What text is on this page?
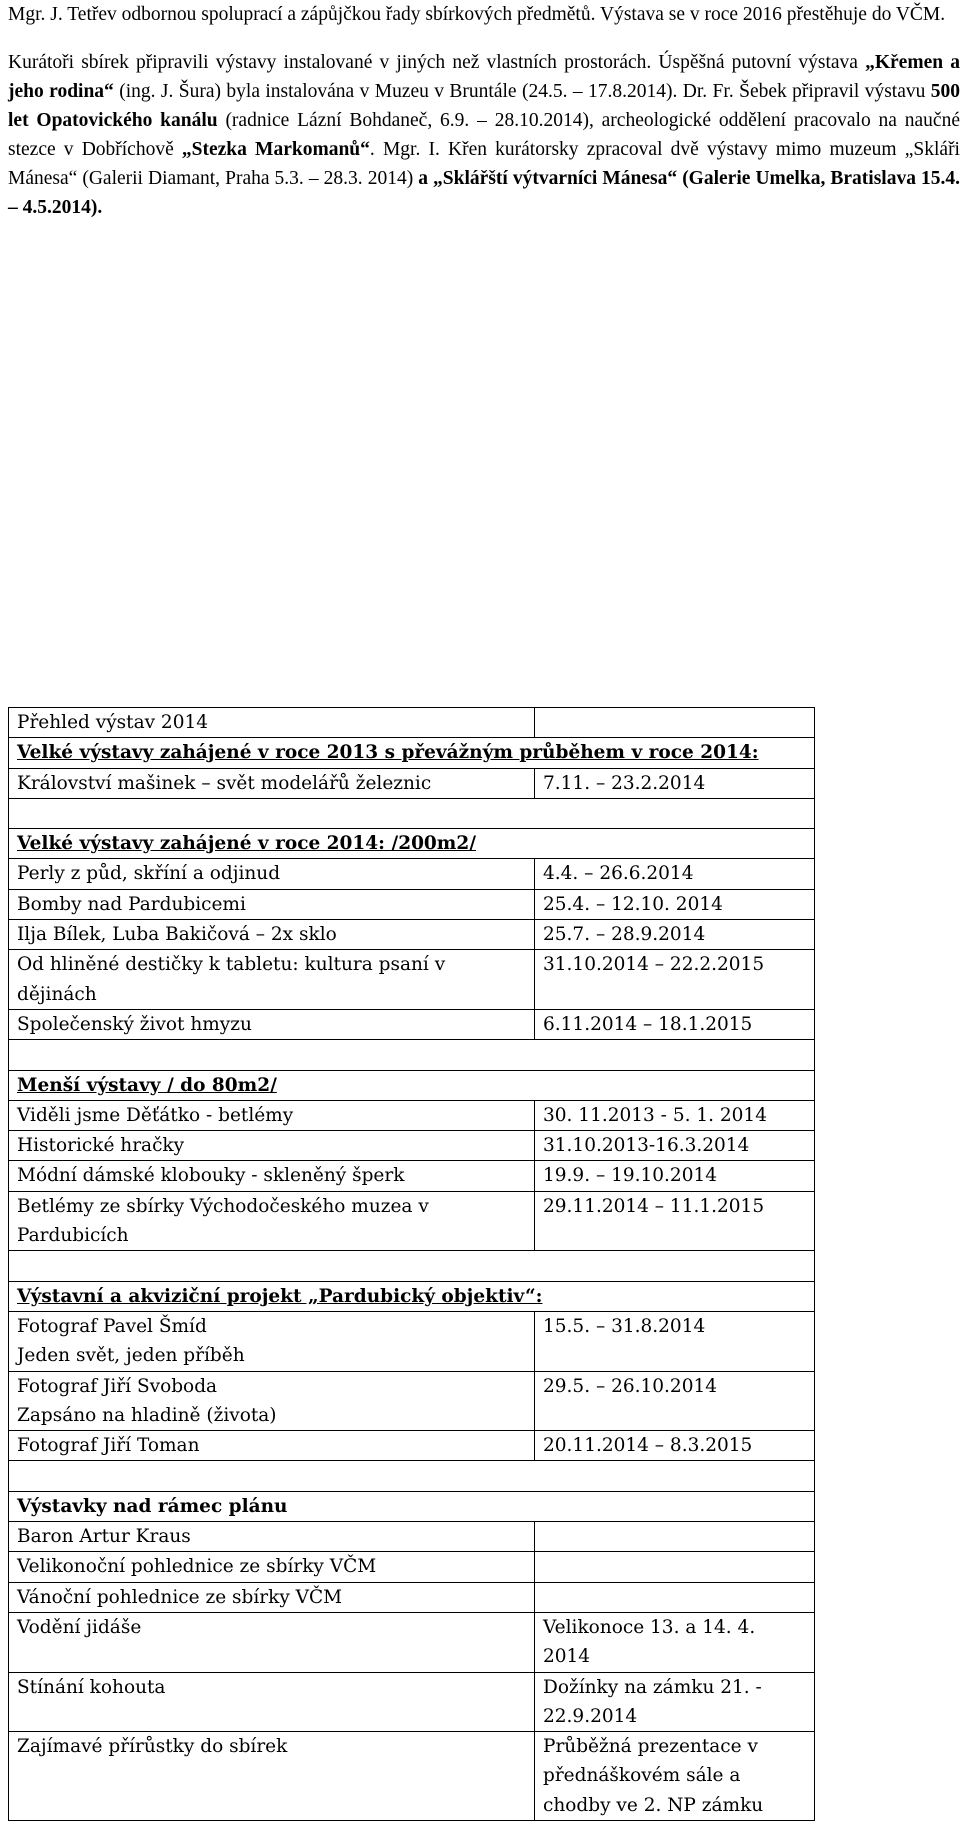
Mgr. J. Tetřev odbornou spoluprací a zápůjčkou řady sbírkových předmětů. Výstava se v roce 2016 přestěhuje do VČM.

Kurátoři sbírek připravili výstavy instalované v jiných než vlastních prostorách. Úspěšná putovní výstava „Křemen a jeho rodina“ (ing. J. Šura) byla instalována v Muzeu v Bruntále (24.5. – 17.8.2014). Dr. Fr. Šebek připravil výstavu 500 let Opatovického kanálu (radnice Lázní Bohdaneč, 6.9. – 28.10.2014), archeologické oddělení pracovalo na naučné stezce v Dobříchově „Stezka Markomanů“. Mgr. I. Křen kurátorsky zpracoval dvě výstavy mimo muzeum „Skláři Mánesa“ (Galerii Diamant, Praha 5.3. – 28.3. 2014) a „Sklářští výtvarníci Mánesa“ (Galerie Umelka, Bratislava 15.4. – 4.5.2014).

Přehled výstav 2014	
Velké výstavy zahájené v roce 2013 s převážným průběhem v roce 2014:	
Království mašinek – svět modelářů železnic	7.11. – 23.2.2014

Velké výstavy zahájené v roce 2014: /200m2/	
Perly z půd, skříní a odjinud	4.4. – 26.6.2014
Bomby nad Pardubicemi	25.4. – 12.10. 2014
Ilja Bílek, Luba Bakičová – 2x sklo	25.7. – 28.9.2014
Od hliněné destičky k tabletu: kultura psaní v dějinách	31.10.2014 – 22.2.2015
Společenský život hmyzu	6.11.2014 – 18.1.2015

Menší výstavy / do 80m2/	
Viděli jsme Děťátko - betlémy	30. 11.2013 - 5. 1. 2014
Historické hračky	31.10.2013-16.3.2014
Módní dámské klobouky - skleněný šperk	19.9. – 19.10.2014
Betlémy ze sbírky Východočeského muzea v Pardubicích	29.11.2014 – 11.1.2015

Výstavní a akviziční projekt „Pardubický objektiv“:	
Fotograf Pavel Šmíd
Jeden svět, jeden příběh	15.5. – 31.8.2014
Fotograf Jiří Svoboda
Zapsáno na hladině (života)	29.5. – 26.10.2014
Fotograf Jiří Toman	20.11.2014 – 8.3.2015

Výstavky nad rámec plánu	
Baron Artur Kraus	
Velikonoční pohlednice ze sbírky VČM	
Vánoční pohlednice ze sbírky VČM	
Vodění jidáše	Velikonoce 13. a 14. 4. 2014
Stínání kohouta	Dožínky na zámku 21. - 22.9.2014
Zajímavé přírůstky do sbírek	Průběžná prezentace v přednáškovém sále a chodby ve 2. NP zámku
